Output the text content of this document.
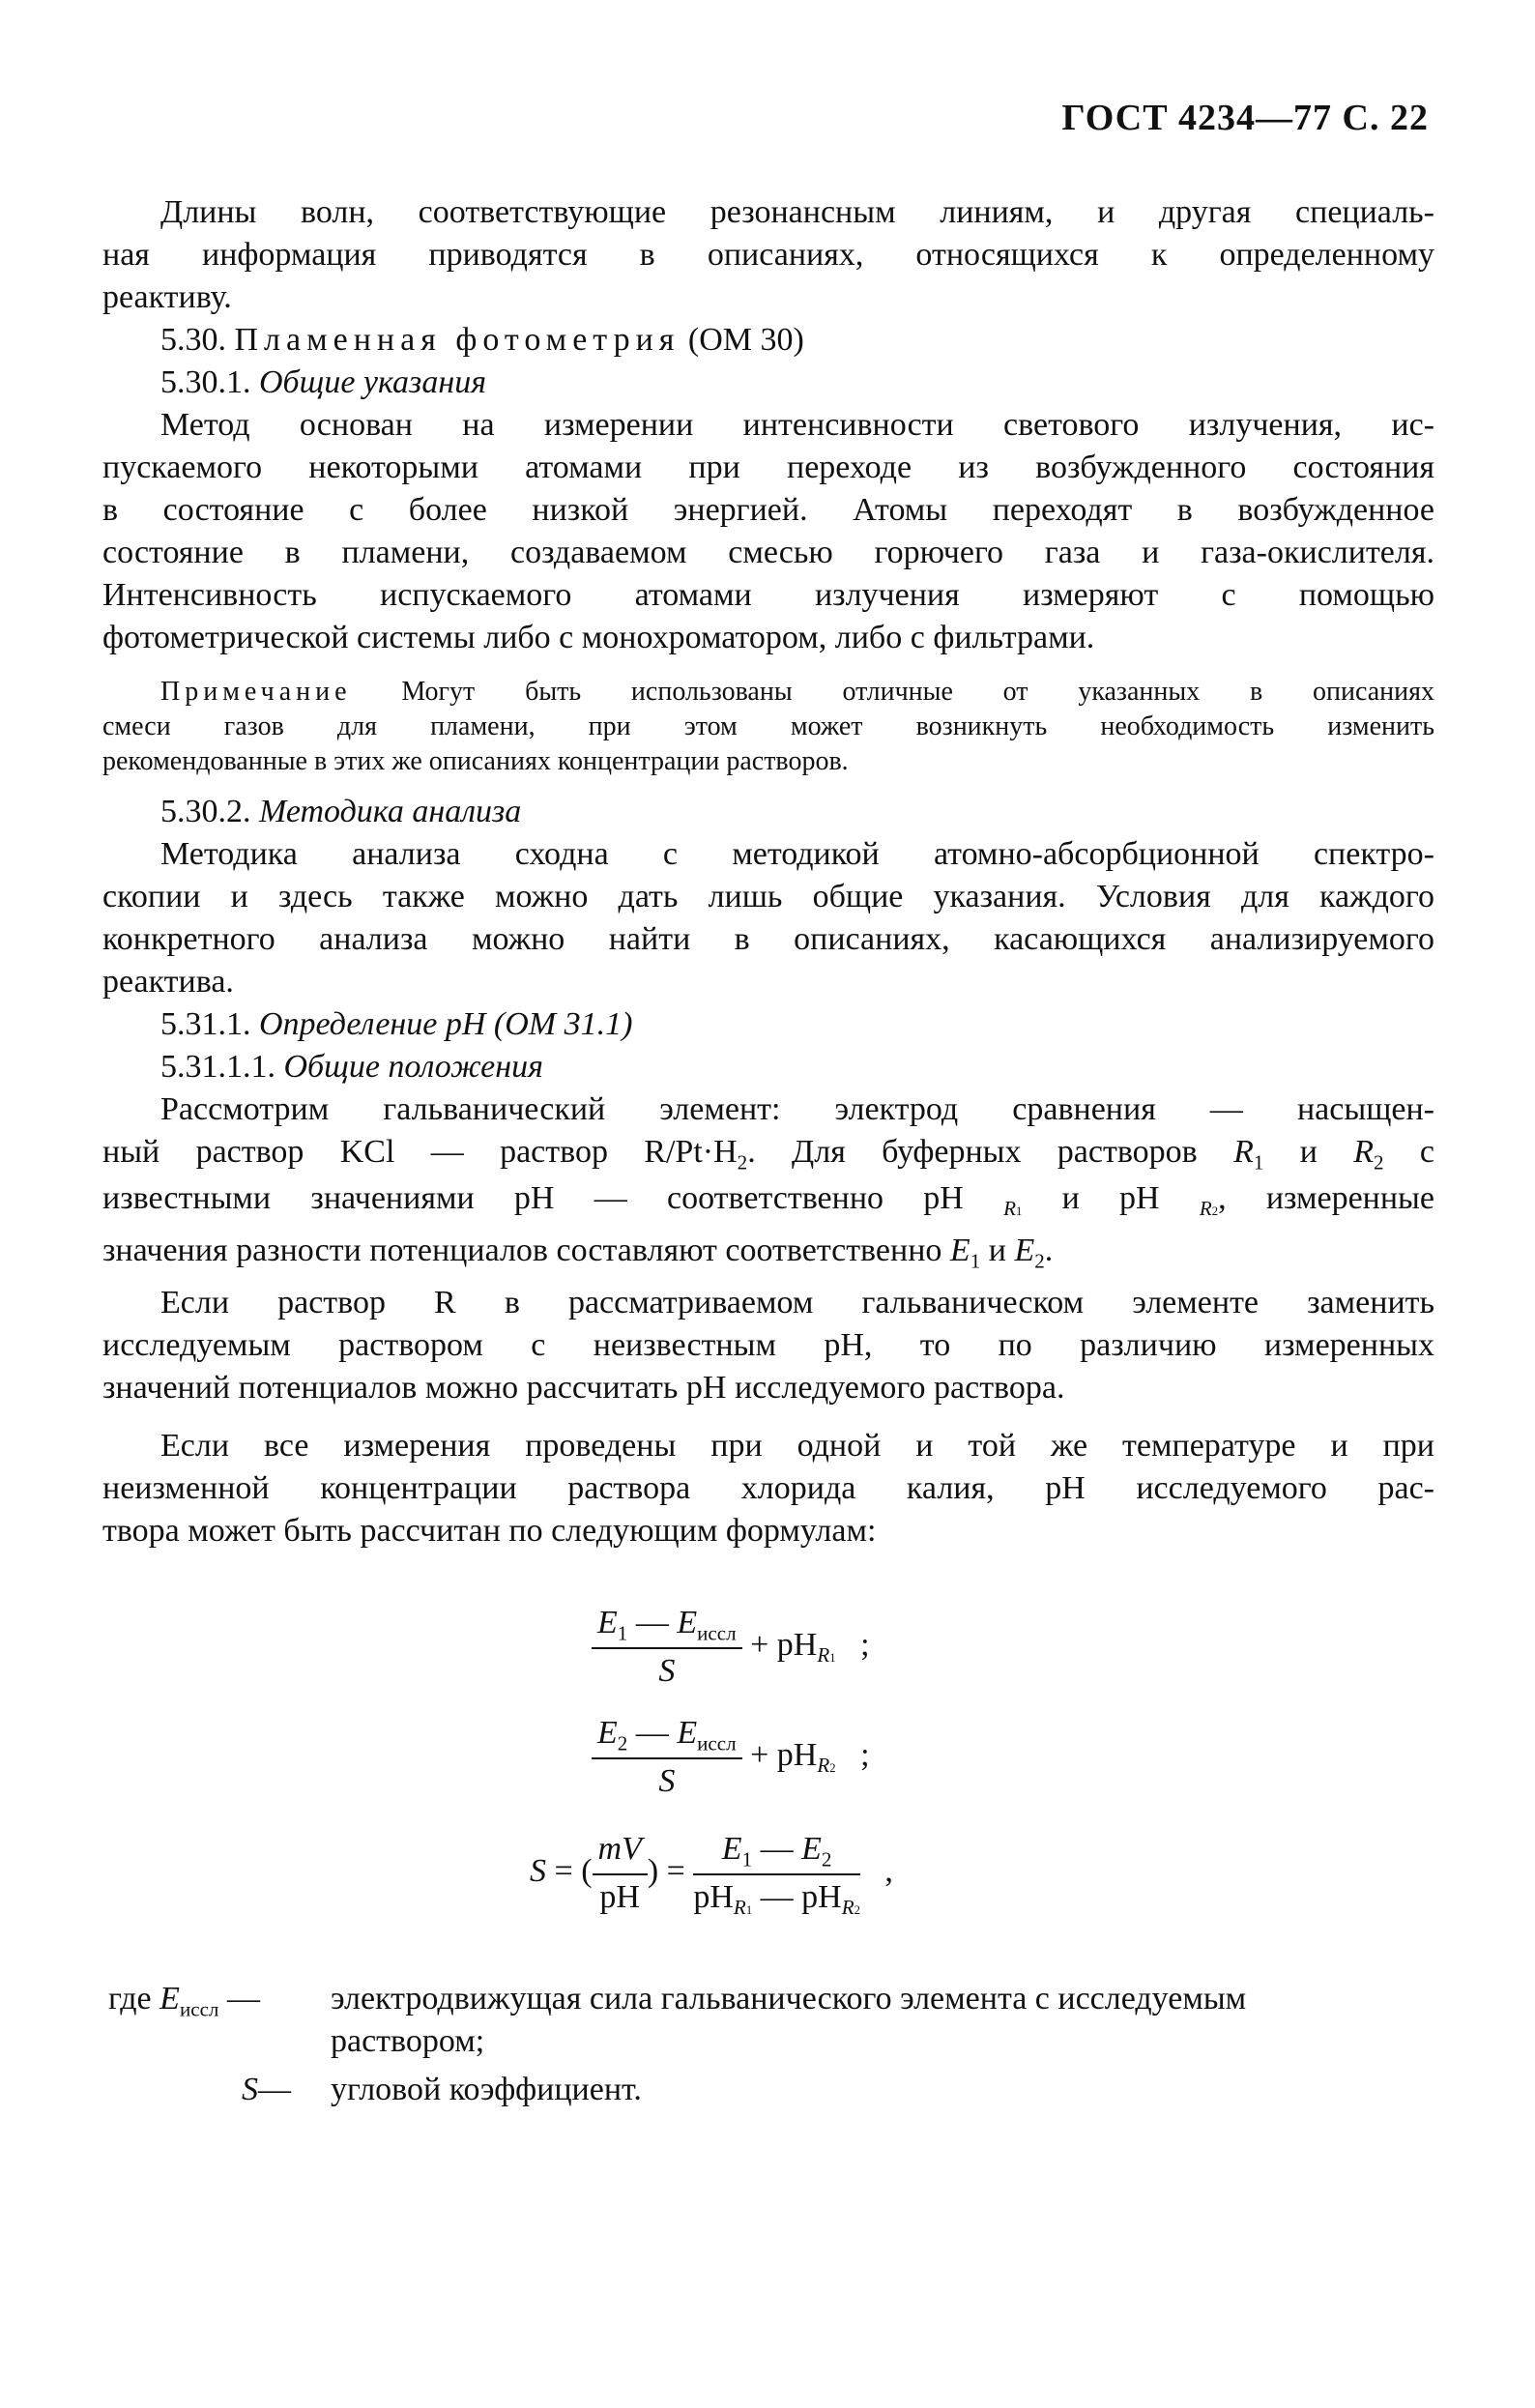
ГОСТ 4234—77 С. 22
Длины волн, соответствующие резонансным линиям, и другая специаль-
ная информация приводятся в описаниях, относящихся к определенному
реактиву.
5.30. Пламенная фотометрия (ОМ 30)
5.30.1. Общие указания
Метод основан на измерении интенсивности светового излучения, ис-
пускаемого некоторыми атомами при переходе из возбужденного состояния
в состояние с более низкой энергией. Атомы переходят в возбужденное
состояние в пламени, создаваемом смесью горючего газа и газа-окислителя.
Интенсивность испускаемого атомами излучения измеряют с помощью
фотометрической системы либо с монохроматором, либо с фильтрами.
Примечание Могут быть использованы отличные от указанных в описаниях
смеси газов для пламени, при этом может возникнуть необходимость изменить
рекомендованные в этих же описаниях концентрации растворов.
5.30.2. Методика анализа
Методика анализа сходна с методикой атомно-абсорбционной спектро-
скопии и здесь также можно дать лишь общие указания. Условия для каждого
конкретного анализа можно найти в описаниях, касающихся анализируемого
реактива.
5.31.1. Определение pH (ОМ 31.1)
5.31.1.1. Общие положения
Рассмотрим гальванический элемент: электрод сравнения — насыщен-
ный раствор KCl — раствор $R/Pt\cdot H_2$. Для буферных растворов $R_1$ и $R_2$ с
известными значениями pH — соответственно pH $_{R1}$ и pH $_{R2}$, измеренные
значения разности потенциалов составляют соответственно $E_1$ и $E_2$.
Если раствор R в рассматриваемом гальваническом элементе заменить
исследуемым раствором с неизвестным pH, то по различию измеренных
значений потенциалов можно рассчитать pH исследуемого раствора.
Если все измерения проведены при одной и той же температуре и при
неизменной концентрации раствора хлорида калия, pH исследуемого рас-
твора может быть рассчитан по следующим формулам:
$\frac{E_1 — E_{иссл}}{S} + pH_{R1}$ ;
$\frac{E_2 — E_{иссл}}{S} + pH_{R2}$ ;
S = ( $\frac{mV}{pH}$ ) = $\frac{E_1 — E_2}{pH_{R1} — pH_{R2}}$ ,
где $E_{иссл}$ — электродвижущая сила гальванического элемента с исследуемым
раствором;
S— угловой коэффициент.
